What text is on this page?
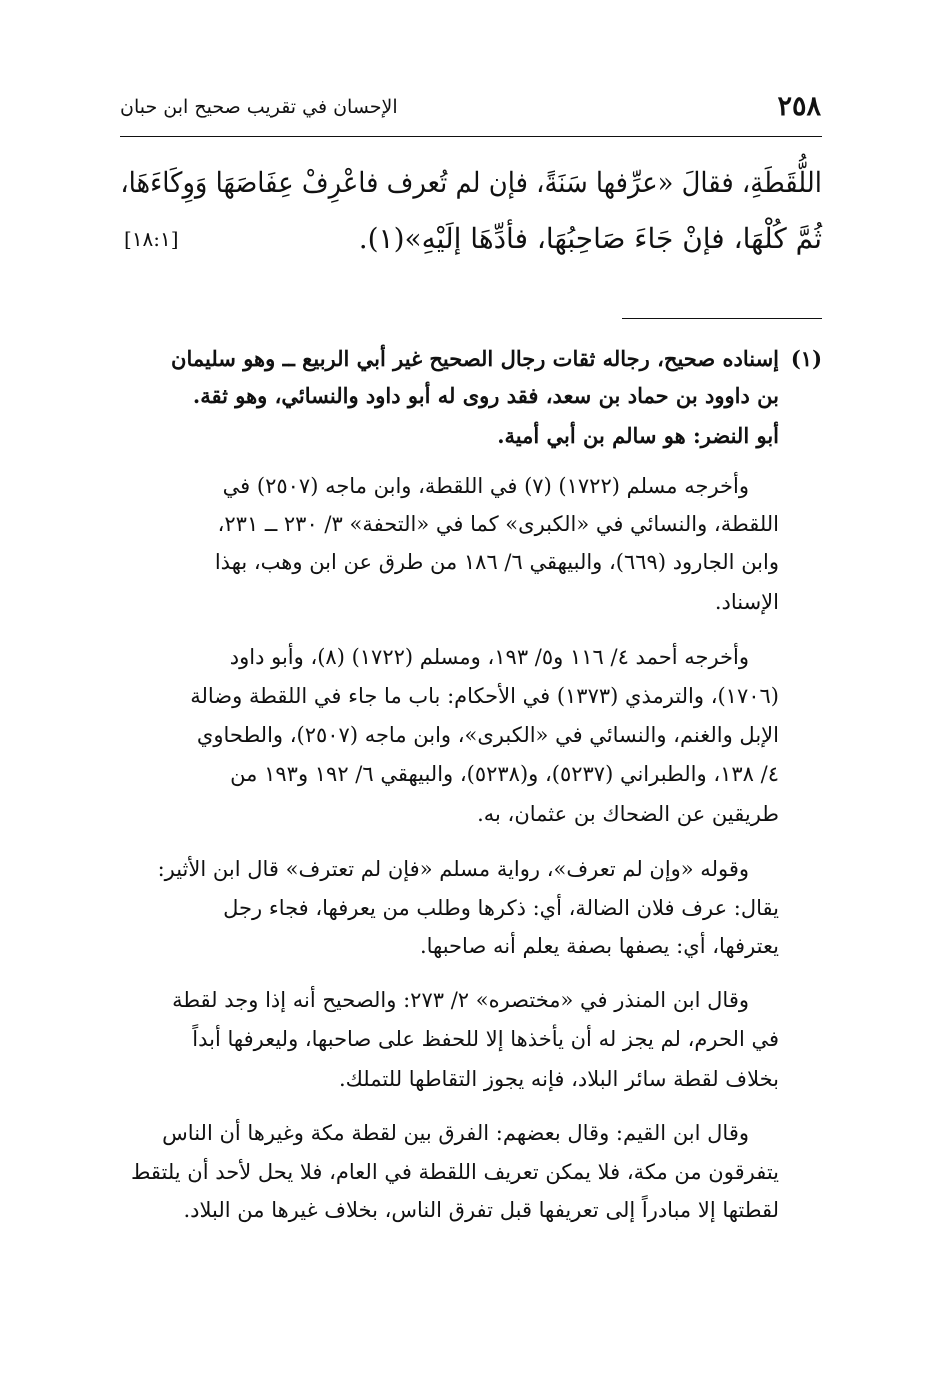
٢٥٨
الإحسان في تقريب صحيح ابن حبان
اللُّقَطَةِ، فقالَ «عرِّفها سَنَةً، فإن لم تُعرف فاعْرِفْ عِفَاصَهَا وَوِكَاءَهَا،
ثُمَّ كُلْهَا، فإنْ جَاءَ صَاحِبُهَا، فأدِّهَا إلَيْهِ»(١).
[١٨:١]
(١)
إسناده صحيح، رجاله ثقات رجال الصحيح غير أبي الربيع ــ وهو سليمان
بن داوود بن حماد بن سعد، فقد روى له أبو داود والنسائي، وهو ثقة.
أبو النضر: هو سالم بن أبي أمية.
وأخرجه مسلم (١٧٢٢) (٧) في اللقطة، وابن ماجه (٢٥٠٧) في
اللقطة، والنسائي في «الكبرى» كما في «التحفة» ٣/ ٢٣٠ ــ ٢٣١،
وابن الجارود (٦٦٩)، والبيهقي ٦/ ١٨٦ من طرق عن ابن وهب، بهذا
الإسناد.
وأخرجه أحمد ٤/ ١١٦ و٥/ ١٩٣، ومسلم (١٧٢٢) (٨)، وأبو داود
(١٧٠٦)، والترمذي (١٣٧٣) في الأحكام: باب ما جاء في اللقطة وضالة
الإبل والغنم، والنسائي في «الكبرى»، وابن ماجه (٢٥٠٧)، والطحاوي
٤/ ١٣٨، والطبراني (٥٢٣٧)، و(٥٢٣٨)، والبيهقي ٦/ ١٩٢ و١٩٣ من
طريقين عن الضحاك بن عثمان، به.
وقوله «وإن لم تعرف»، رواية مسلم «فإن لم تعترف» قال ابن الأثير:
يقال: عرف فلان الضالة، أي: ذكرها وطلب من يعرفها، فجاء رجل
يعترفها، أي: يصفها بصفة يعلم أنه صاحبها.
وقال ابن المنذر في «مختصره» ٢/ ٢٧٣: والصحيح أنه إذا وجد لقطة
في الحرم، لم يجز له أن يأخذها إلا للحفظ على صاحبها، وليعرفها أبداً
بخلاف لقطة سائر البلاد، فإنه يجوز التقاطها للتملك.
وقال ابن القيم: وقال بعضهم: الفرق بين لقطة مكة وغيرها أن الناس
يتفرقون من مكة، فلا يمكن تعريف اللقطة في العام، فلا يحل لأحد أن يلتقط
لقطتها إلا مبادراً إلى تعريفها قبل تفرق الناس، بخلاف غيرها من البلاد.
